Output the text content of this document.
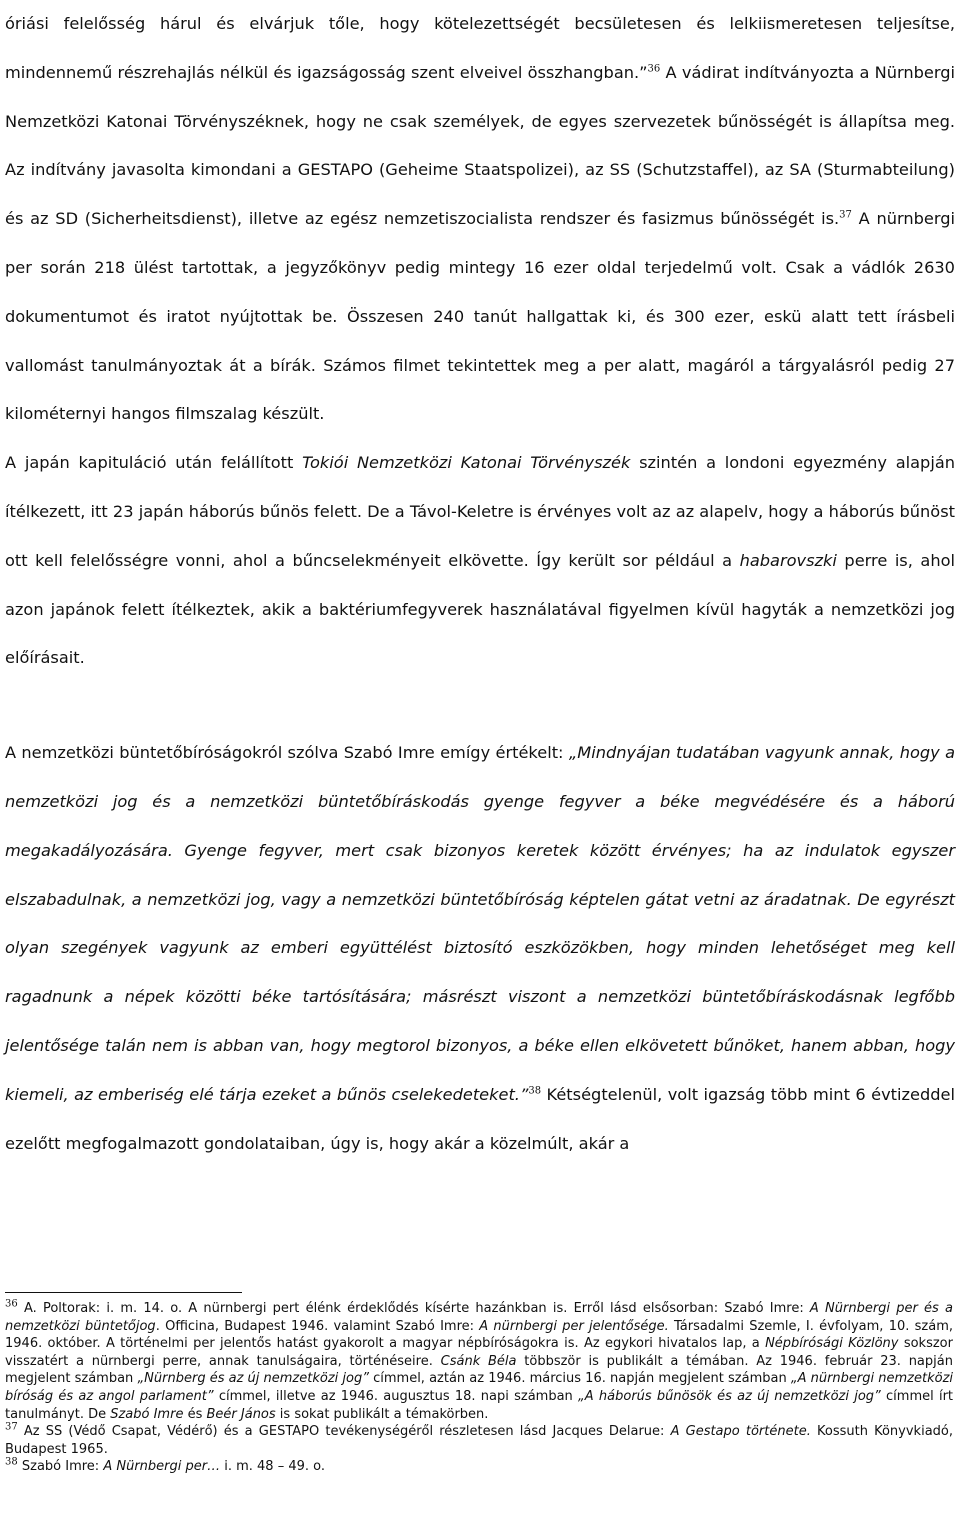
óriási felelősség hárul és elvárjuk tőle, hogy kötelezettségét becsületesen és lelkiismeretesen teljesítse, mindennemű részrehajlás nélkül és igazságosság szent elveivel összhangban.”$^{36}$ A vádirat indítványozta a Nürnbergi Nemzetközi Katonai Törvényszéknek, hogy ne csak személyek, de egyes szervezetek bűnösségét is állapítsa meg. Az indítvány javasolta kimondani a GESTAPO (Geheime Staatspolizei), az SS (Schutzstaffel), az SA (Sturmabteilung) és az SD (Sicherheitsdienst), illetve az egész nemzetiszocialista rendszer és fasizmus bűnösségét is.$^{37}$ A nürnbergi per során 218 ülést tartottak, a jegyzőkönyv pedig mintegy 16 ezer oldal terjedelmű volt. Csak a vádlók 2630 dokumentumot és iratot nyújtottak be. Összesen 240 tanút hallgattak ki, és 300 ezer, eskü alatt tett írásbeli vallomást tanulmányoztak át a bírák. Számos filmet tekintettek meg a per alatt, magáról a tárgyalásról pedig 27 kilométernyi hangos filmszalag készült.

A japán kapituláció után felállított Tokiói Nemzetközi Katonai Törvényszék szintén a londoni egyezmény alapján ítélkezett, itt 23 japán háborús bűnös felett. De a Távol-Keletre is érvényes volt az az alapelv, hogy a háborús bűnöst ott kell felelősségre vonni, ahol a bűncselekményeit elkövette. Így került sor például a habarovszki perre is, ahol azon japánok felett ítélkeztek, akik a baktériumfegyverek használatával figyelmen kívül hagyták a nemzetközi jog előírásait.

A nemzetközi büntetőbíróságokról szólva Szabó Imre emígy értékelt: „Mindnyájan tudatában vagyunk annak, hogy a nemzetközi jog és a nemzetközi büntetőbíráskodás gyenge fegyver a béke megvédésére és a háború megakadályozására. Gyenge fegyver, mert csak bizonyos keretek között érvényes; ha az indulatok egyszer elszabadulnak, a nemzetközi jog, vagy a nemzetközi büntetőbíróság képtelen gátat vetni az áradatnak. De egyrészt olyan szegények vagyunk az emberi együttélést biztosító eszközökben, hogy minden lehetőséget meg kell ragadnunk a népek közötti béke tartósítására; másrészt viszont a nemzetközi büntetőbíráskodásnak legfőbb jelentősége talán nem is abban van, hogy megtorol bizonyos, a béke ellen elkövetett bűnöket, hanem abban, hogy kiemeli, az emberiség elé tárja ezeket a bűnös cselekedeteket.”$^{38}$ Kétségtelenül, volt igazság több mint 6 évtizeddel ezelőtt megfogalmazott gondolataiban, úgy is, hogy akár a közelmúlt, akár a

$^{36}$ A. Poltorak: i. m. 14. o. A nürnbergi pert élénk érdeklődés kísérte hazánkban is. Erről lásd elsősorban: Szabó Imre: A Nürnbergi per és a nemzetközi büntetőjog. Officina, Budapest 1946. valamint Szabó Imre: A nürnbergi per jelentősége. Társadalmi Szemle, I. évfolyam, 10. szám, 1946. október. A történelmi per jelentős hatást gyakorolt a magyar népbíróságokra is. Az egykori hivatalos lap, a Népbírósági Közlöny sokszor visszatért a nürnbergi perre, annak tanulságaira, történéseire. Csánk Béla többször is publikált a témában. Az 1946. február 23. napján megjelent számban „Nürnberg és az új nemzetközi jog” címmel, aztán az 1946. március 16. napján megjelent számban „A nürnbergi nemzetközi bíróság és az angol parlament” címmel, illetve az 1946. augusztus 18. napi számban „A háborús bűnösök és az új nemzetközi jog” címmel írt tanulmányt. De Szabó Imre és Beér János is sokat publikált a témakörben.

$^{37}$ Az SS (Védő Csapat, Védérő) és a GESTAPO tevékenységéről részletesen lásd Jacques Delarue: A Gestapo története. Kossuth Könyvkiadó, Budapest 1965.

$^{38}$ Szabó Imre: A Nürnbergi per… i. m. 48 – 49. o.
